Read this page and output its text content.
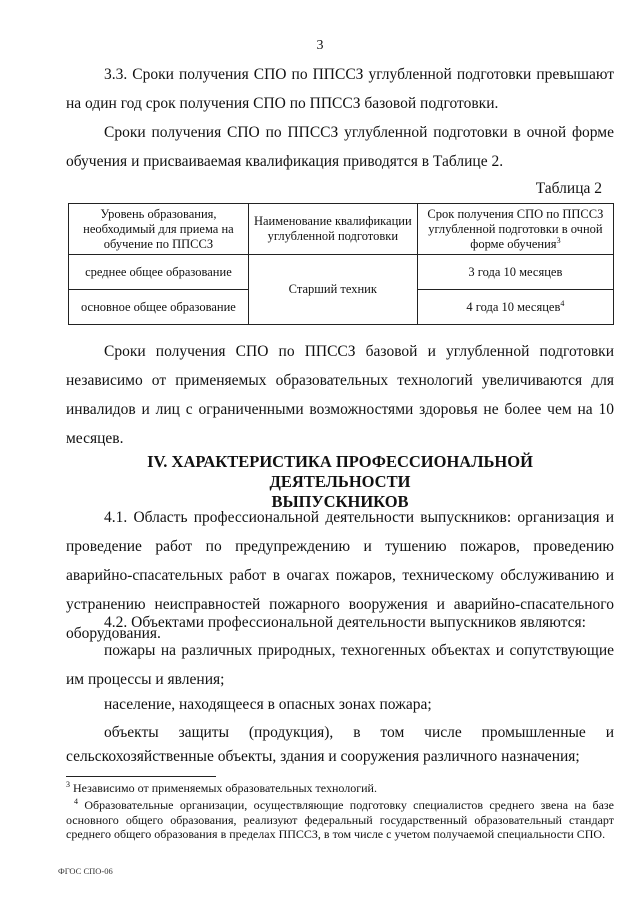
3

3.3. Сроки получения СПО по ППССЗ углубленной подготовки превышают на один год срок получения СПО по ППССЗ базовой подготовки.

Сроки получения СПО по ППССЗ углубленной подготовки в очной форме обучения и присваиваемая квалификация приводятся в Таблице 2.

Таблица 2
Уровень образования, необходимый для приема на обучение по ППССЗ	Наименование квалификации углубленной подготовки	Срок получения СПО по ППССЗ углубленной подготовки в очной форме обучения$^3$
среднее общее образование	Старший техник	3 года 10 месяцев
основное общее образование		4 года 10 месяцев$^4$

Сроки получения СПО по ППССЗ базовой и углубленной подготовки независимо от применяемых образовательных технологий увеличиваются для инвалидов и лиц с ограниченными возможностями здоровья не более чем на 10 месяцев.

IV. ХАРАКТЕРИСТИКА ПРОФЕССИОНАЛЬНОЙ ДЕЯТЕЛЬНОСТИ
ВЫПУСКНИКОВ

4.1. Область профессиональной деятельности выпускников: организация и проведение работ по предупреждению и тушению пожаров, проведению аварийно-спасательных работ в очагах пожаров, техническому обслуживанию и устранению неисправностей пожарного вооружения и аварийно-спасательного оборудования.

4.2. Объектами профессиональной деятельности выпускников являются:

пожары на различных природных, техногенных объектах и сопутствующие им процессы и явления;

население, находящееся в опасных зонах пожара;

объекты защиты (продукция), в том числе промышленные и
сельскохозяйственные объекты, здания и сооружения различного назначения;

$^3$ Независимо от применяемых образовательных технологий.

$^4$ Образовательные организации, осуществляющие подготовку специалистов среднего звена на базе основного общего образования, реализуют федеральный государственный образовательный стандарт среднего общего образования в пределах ППССЗ, в том числе с учетом получаемой специальности СПО.

ФГОС СПО-06
